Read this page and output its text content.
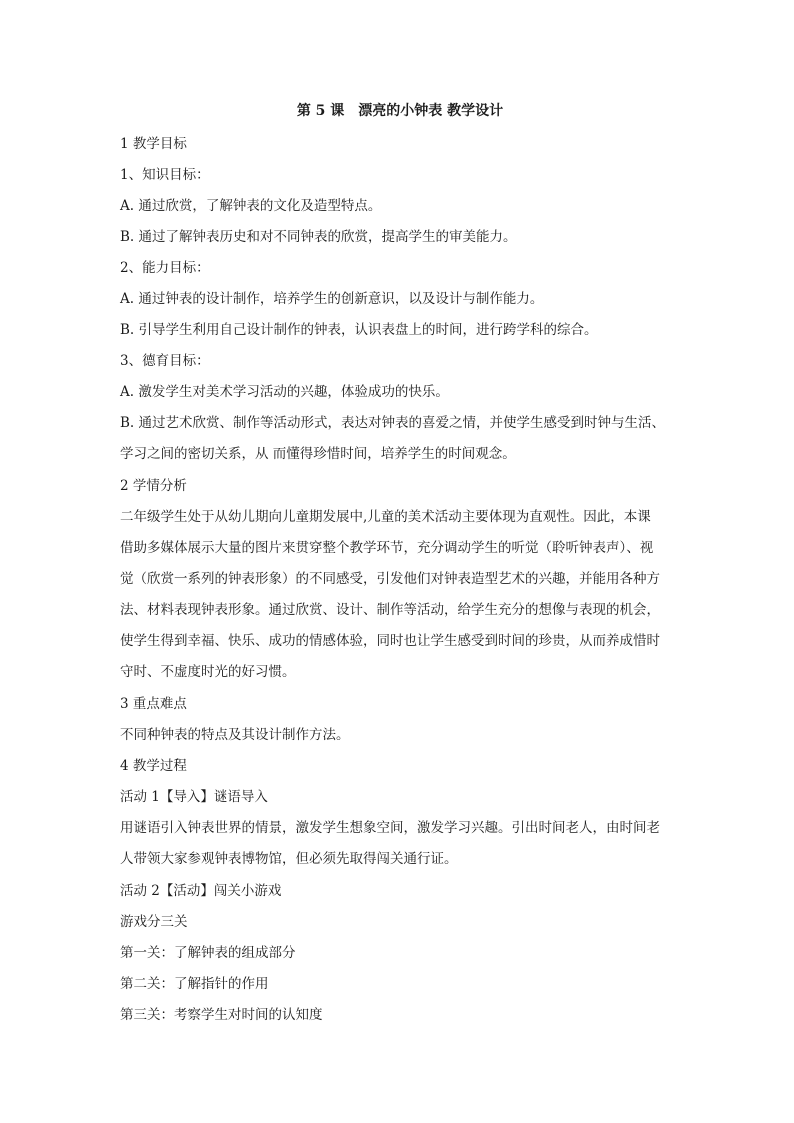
第 5 课　漂亮的小钟表 教学设计
1 教学目标
1、知识目标：
A. 通过欣赏，了解钟表的文化及造型特点。
B. 通过了解钟表历史和对不同钟表的欣赏，提高学生的审美能力。
2、能力目标：
A. 通过钟表的设计制作，培养学生的创新意识，以及设计与制作能力。
B. 引导学生利用自己设计制作的钟表，认识表盘上的时间，进行跨学科的综合。
3、德育目标：
A. 激发学生对美术学习活动的兴趣，体验成功的快乐。
B. 通过艺术欣赏、制作等活动形式，表达对钟表的喜爱之情，并使学生感受到时钟与生活、
学习之间的密切关系，从 而懂得珍惜时间，培养学生的时间观念。
2 学情分析
二年级学生处于从幼儿期向儿童期发展中,儿童的美术活动主要体现为直观性。因此，本课
借助多媒体展示大量的图片来贯穿整个教学环节，充分调动学生的听觉（聆听钟表声）、视
觉（欣赏一系列的钟表形象）的不同感受，引发他们对钟表造型艺术的兴趣，并能用各种方
法、材料表现钟表形象。通过欣赏、设计、制作等活动，给学生充分的想像与表现的机会，
使学生得到幸福、快乐、成功的情感体验，同时也让学生感受到时间的珍贵，从而养成惜时
守时、不虚度时光的好习惯。
3 重点难点
不同种钟表的特点及其设计制作方法。
4 教学过程
活动 1【导入】谜语导入
用谜语引入钟表世界的情景，激发学生想象空间，激发学习兴趣。引出时间老人，由时间老
人带领大家参观钟表博物馆，但必须先取得闯关通行证。
活动 2【活动】闯关小游戏
游戏分三关
第一关：了解钟表的组成部分
第二关：了解指针的作用
第三关：考察学生对时间的认知度
